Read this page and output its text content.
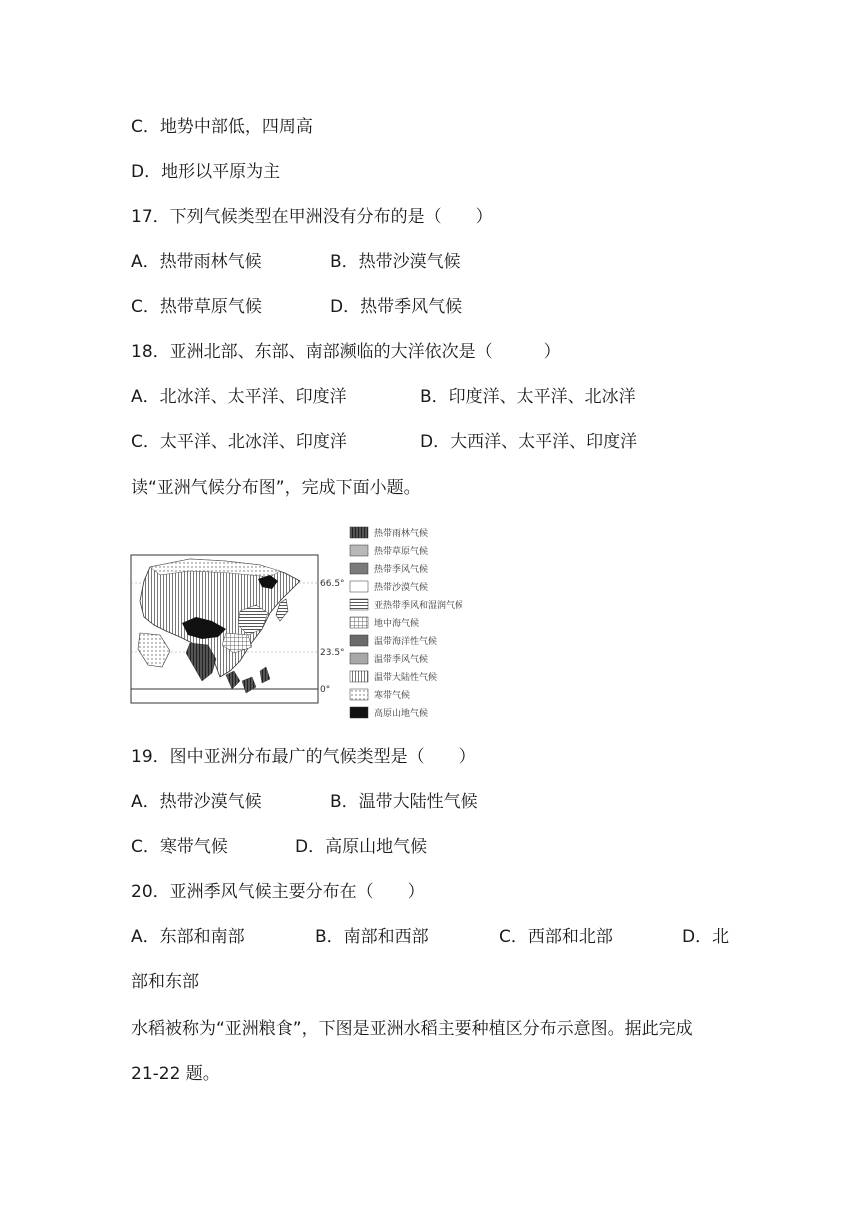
C．地势中部低，四周高
D．地形以平原为主
17．下列气候类型在甲洲没有分布的是（　　）
A．热带雨林气候	B．热带沙漠气候
C．热带草原气候	D．热带季风气候
18．亚洲北部、东部、南部濒临的大洋依次是（　　　）
A．北冰洋、太平洋、印度洋	B．印度洋、太平洋、北冰洋
C．太平洋、北冰洋、印度洋	D．大西洋、太平洋、印度洋
读“亚洲气候分布图”，完成下面小题。
66.5°
23.5°
0°
热带雨林气候
热带草原气候
热带季风气候
热带沙漠气候
亚热带季风和湿润气候
地中海气候
温带海洋性气候
温带季风气候
温带大陆性气候
寒带气候
高原山地气候
19．图中亚洲分布最广的气候类型是（　　）
A．热带沙漠气候	B．温带大陆性气候
C．寒带气候	D．高原山地气候
20．亚洲季风气候主要分布在（　　）
A．东部和南部	B．南部和西部	C．西部和北部	D．北
部和东部
水稻被称为“亚洲粮食”，下图是亚洲水稻主要种植区分布示意图。据此完成
21-22 题。
